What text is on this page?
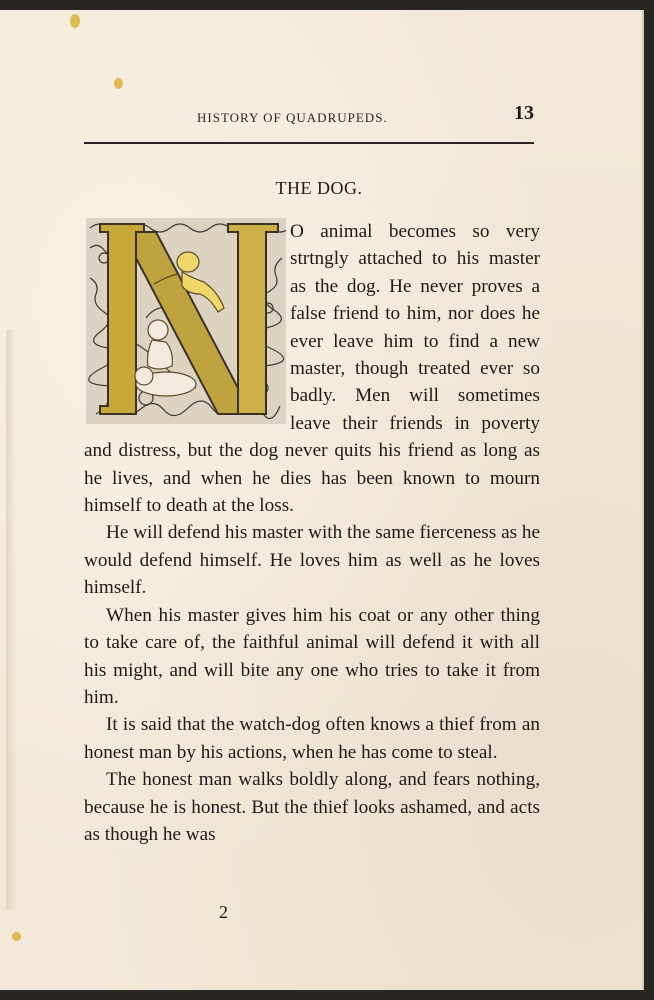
HISTORY OF QUADRUPEDS.	13
THE DOG.

O animal becomes so very strtngly attached to his master as the dog. He never proves a false friend to him, nor does he ever leave him to find a new master, though treated ever so badly. Men will sometimes leave their friends in poverty and distress, but the dog never quits his friend as long as he lives, and when he dies has been known to mourn himself to death at the loss.

He will defend his master with the same fierceness as he would defend himself. He loves him as well as he loves himself.

When his master gives him his coat or any other thing to take care of, the faithful animal will defend it with all his might, and will bite any one who tries to take it from him.

It is said that the watch-dog often knows a thief from an honest man by his actions, when he has come to steal.

The honest man walks boldly along, and fears nothing, because he is honest. But the thief looks ashamed, and acts as though he was

2
